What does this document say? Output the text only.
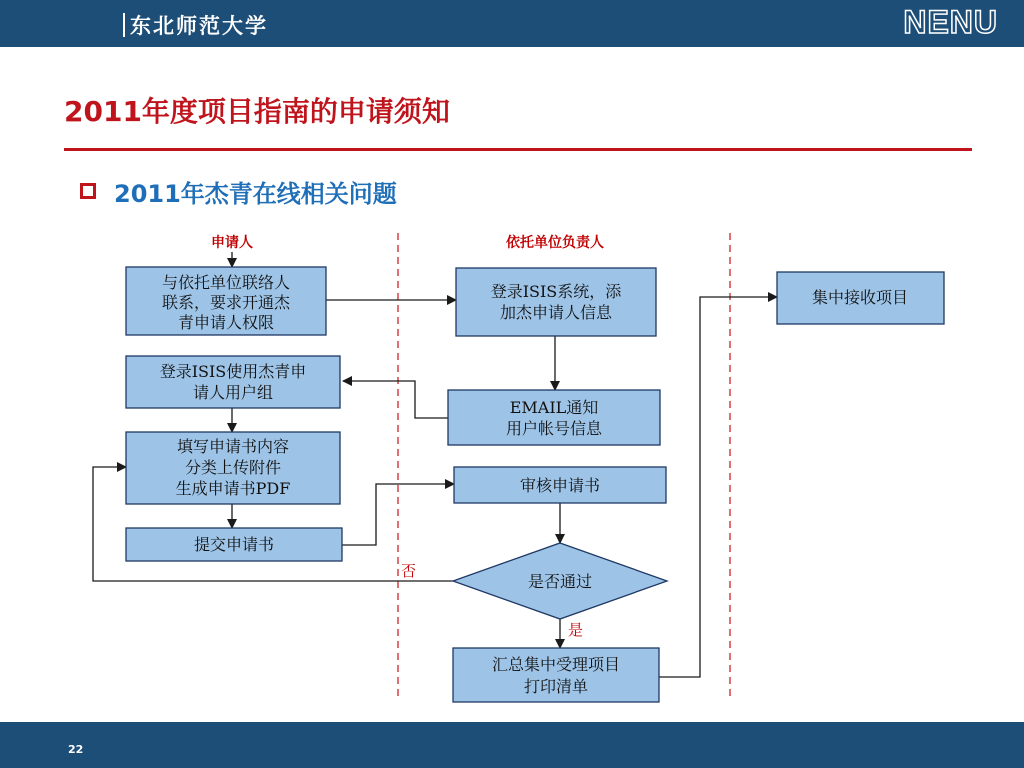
东北师范大学	NENU
2011年度项目指南的申请须知
2011年杰青在线相关问题
申请人	依托单位负责人
与依托单位联络人
联系，要求开通杰
青申请人权限
登录ISIS系统，添
加杰申请人信息
集中接收项目
登录ISIS使用杰青申
请人用户组
EMAIL通知
用户帐号信息
填写申请书内容
分类上传附件
生成申请书PDF	审核申请书
提交申请书
是否通过
汇总集中受理项目
打印清单
否
是
22
